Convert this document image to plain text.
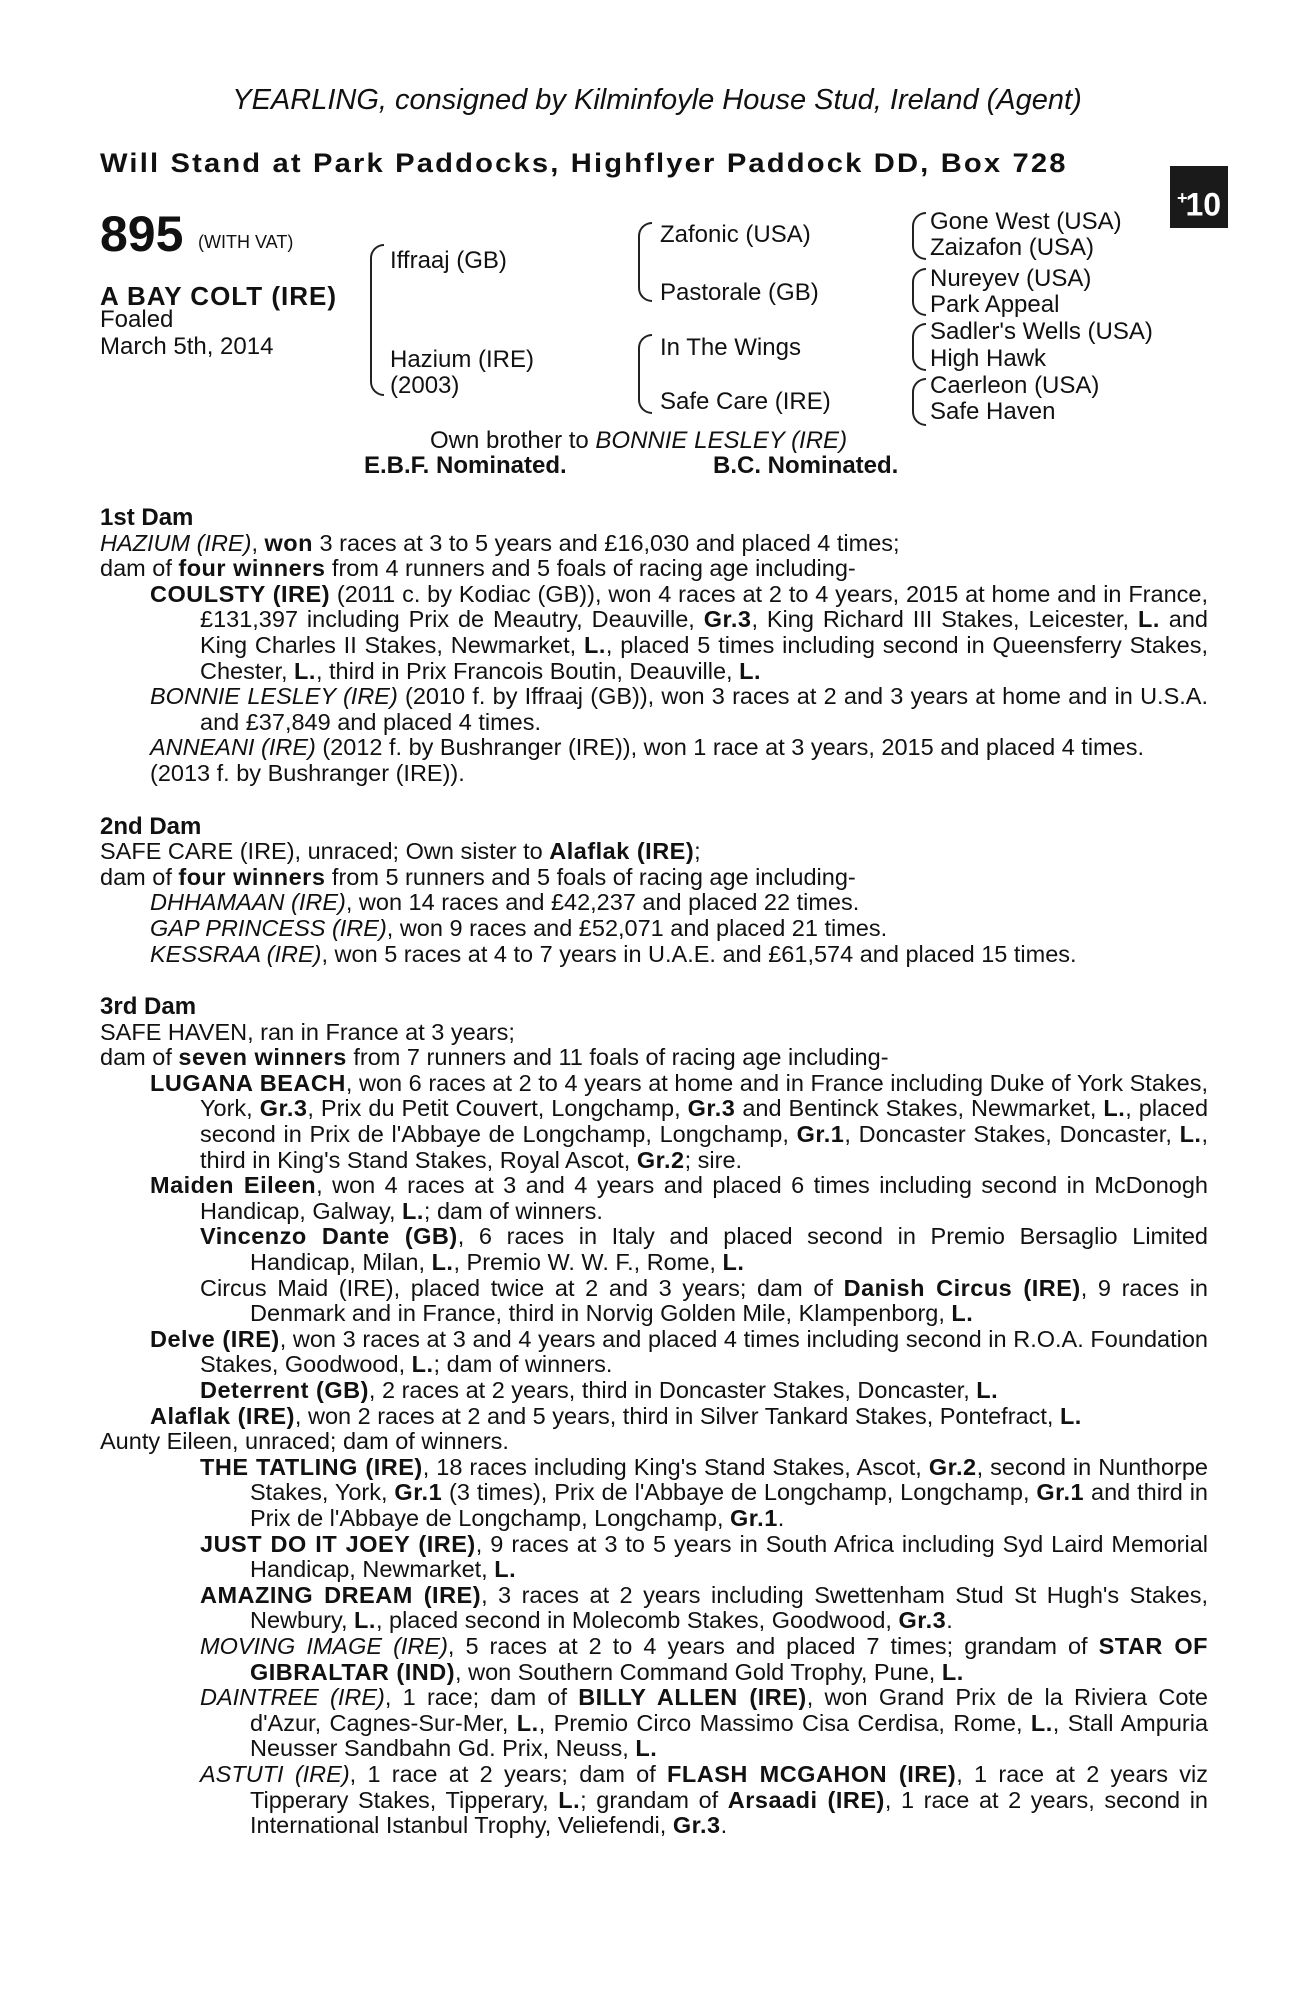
YEARLING, consigned by Kilminfoyle House Stud, Ireland (Agent)
Will Stand at Park Paddocks, Highflyer Paddock DD, Box 728
+10
895 (WITH VAT)
A BAY COLT (IRE)
Foaled
March 5th, 2014
Iffraaj (GB)
Hazium (IRE)
(2003)
Zafonic (USA)
Pastorale (GB)
In The Wings
Safe Care (IRE)
Gone West (USA)
Zaizafon (USA)
Nureyev (USA)
Park Appeal
Sadler's Wells (USA)
High Hawk
Caerleon (USA)
Safe Haven
Own brother to BONNIE LESLEY (IRE)
E.B.F. Nominated.	B.C. Nominated.

1st Dam

HAZIUM (IRE), won 3 races at 3 to 5 years and £16,030 and placed 4 times;

dam of four winners from 4 runners and 5 foals of racing age including-

COULSTY (IRE) (2011 c. by Kodiac (GB)), won 4 races at 2 to 4 years, 2015 at home and in France, £131,397 including Prix de Meautry, Deauville, Gr.3, King Richard III Stakes, Leicester, L. and King Charles II Stakes, Newmarket, L., placed 5 times including second in Queensferry Stakes, Chester, L., third in Prix Francois Boutin, Deauville, L.

BONNIE LESLEY (IRE) (2010 f. by Iffraaj (GB)), won 3 races at 2 and 3 years at home and in U.S.A. and £37,849 and placed 4 times.

ANNEANI (IRE) (2012 f. by Bushranger (IRE)), won 1 race at 3 years, 2015 and placed 4 times.

(2013 f. by Bushranger (IRE)).

2nd Dam

SAFE CARE (IRE), unraced; Own sister to Alaflak (IRE);

dam of four winners from 5 runners and 5 foals of racing age including-

DHHAMAAN (IRE), won 14 races and £42,237 and placed 22 times.

GAP PRINCESS (IRE), won 9 races and £52,071 and placed 21 times.

KESSRAA (IRE), won 5 races at 4 to 7 years in U.A.E. and £61,574 and placed 15 times.

3rd Dam

SAFE HAVEN, ran in France at 3 years;

dam of seven winners from 7 runners and 11 foals of racing age including-

LUGANA BEACH, won 6 races at 2 to 4 years at home and in France including Duke of York Stakes, York, Gr.3, Prix du Petit Couvert, Longchamp, Gr.3 and Bentinck Stakes, Newmarket, L., placed second in Prix de l'Abbaye de Longchamp, Longchamp, Gr.1, Doncaster Stakes, Doncaster, L., third in King's Stand Stakes, Royal Ascot, Gr.2; sire.

Maiden Eileen, won 4 races at 3 and 4 years and placed 6 times including second in McDonogh Handicap, Galway, L.; dam of winners.

Vincenzo Dante (GB), 6 races in Italy and placed second in Premio Bersaglio Limited Handicap, Milan, L., Premio W. W. F., Rome, L.

Circus Maid (IRE), placed twice at 2 and 3 years; dam of Danish Circus (IRE), 9 races in Denmark and in France, third in Norvig Golden Mile, Klampenborg, L.

Delve (IRE), won 3 races at 3 and 4 years and placed 4 times including second in R.O.A. Foundation Stakes, Goodwood, L.; dam of winners.

Deterrent (GB), 2 races at 2 years, third in Doncaster Stakes, Doncaster, L.

Alaflak (IRE), won 2 races at 2 and 5 years, third in Silver Tankard Stakes, Pontefract, L.

Aunty Eileen, unraced; dam of winners.

THE TATLING (IRE), 18 races including King's Stand Stakes, Ascot, Gr.2, second in Nunthorpe Stakes, York, Gr.1 (3 times), Prix de l'Abbaye de Longchamp, Longchamp, Gr.1 and third in Prix de l'Abbaye de Longchamp, Longchamp, Gr.1.

JUST DO IT JOEY (IRE), 9 races at 3 to 5 years in South Africa including Syd Laird Memorial Handicap, Newmarket, L.

AMAZING DREAM (IRE), 3 races at 2 years including Swettenham Stud St Hugh's Stakes, Newbury, L., placed second in Molecomb Stakes, Goodwood, Gr.3.

MOVING IMAGE (IRE), 5 races at 2 to 4 years and placed 7 times; grandam of STAR OF GIBRALTAR (IND), won Southern Command Gold Trophy, Pune, L.

DAINTREE (IRE), 1 race; dam of BILLY ALLEN (IRE), won Grand Prix de la Riviera Cote d'Azur, Cagnes-Sur-Mer, L., Premio Circo Massimo Cisa Cerdisa, Rome, L., Stall Ampuria Neusser Sandbahn Gd. Prix, Neuss, L.

ASTUTI (IRE), 1 race at 2 years; dam of FLASH MCGAHON (IRE), 1 race at 2 years viz Tipperary Stakes, Tipperary, L.; grandam of Arsaadi (IRE), 1 race at 2 years, second in International Istanbul Trophy, Veliefendi, Gr.3.
